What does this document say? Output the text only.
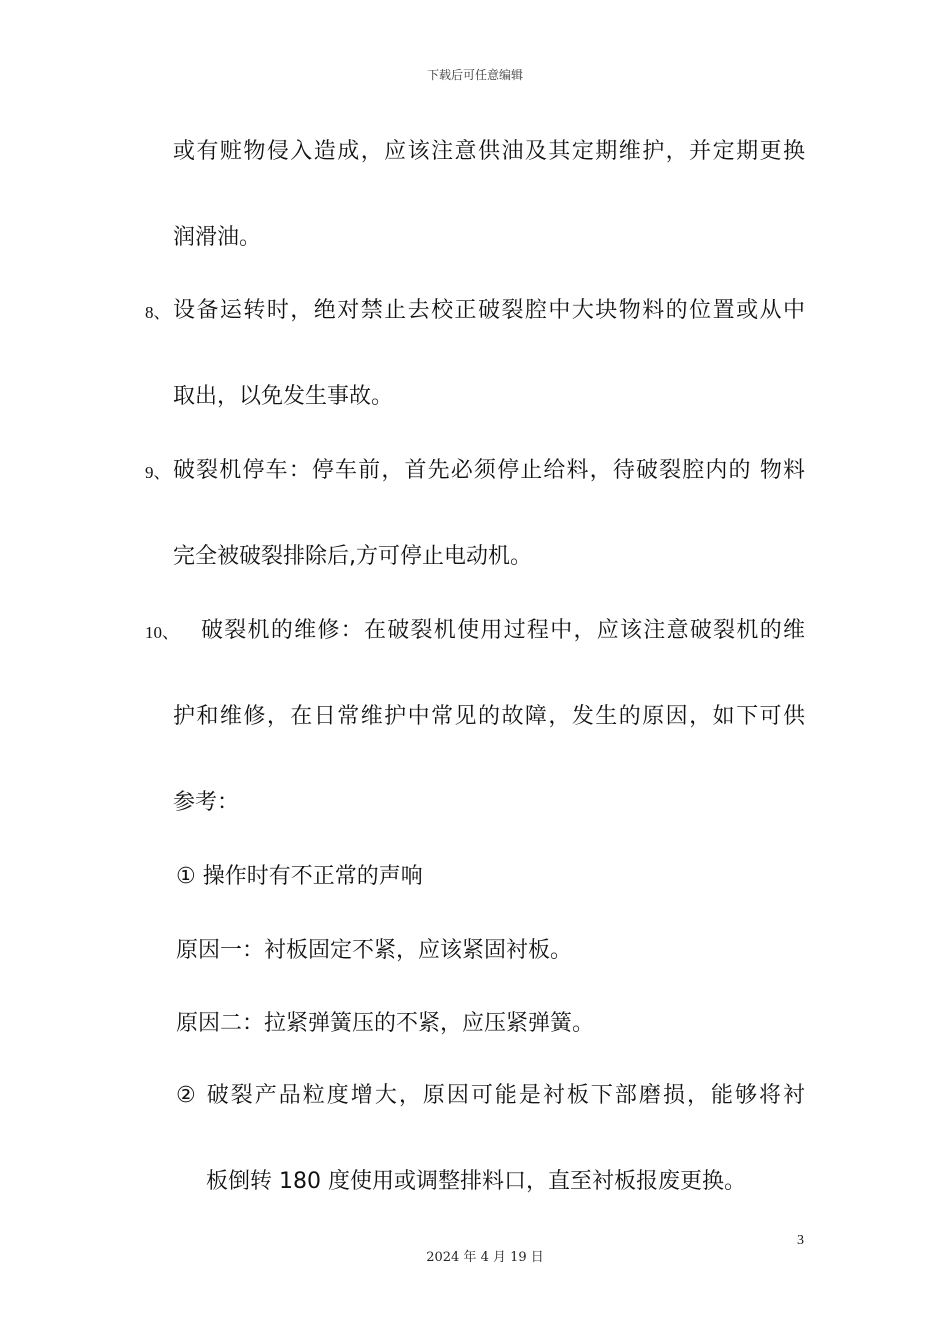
下载后可任意编辑
或有赃物侵入造成，应该注意供油及其定期维护，并定期更换
润滑油。
8、 设备运转时，绝对禁止去校正破裂腔中大块物料的位置或从中
取出，以免发生事故。
9、 破裂机停车：停车前，首先必须停止给料，待破裂腔内的 物料
完全被破裂排除后,方可停止电动机。
10、 破裂机的维修：在破裂机使用过程中，应该注意破裂机的维
护和维修，在日常维护中常见的故障，发生的原因，如下可供
参考：
① 操作时有不正常的声响
原因一：衬板固定不紧，应该紧固衬板。
原因二：拉紧弹簧压的不紧，应压紧弹簧。
② 破裂产品粒度增大，原因可能是衬板下部磨损，能够将衬
板倒转 180 度使用或调整排料口，直至衬板报废更换。
3
2024 年 4 月 19 日
